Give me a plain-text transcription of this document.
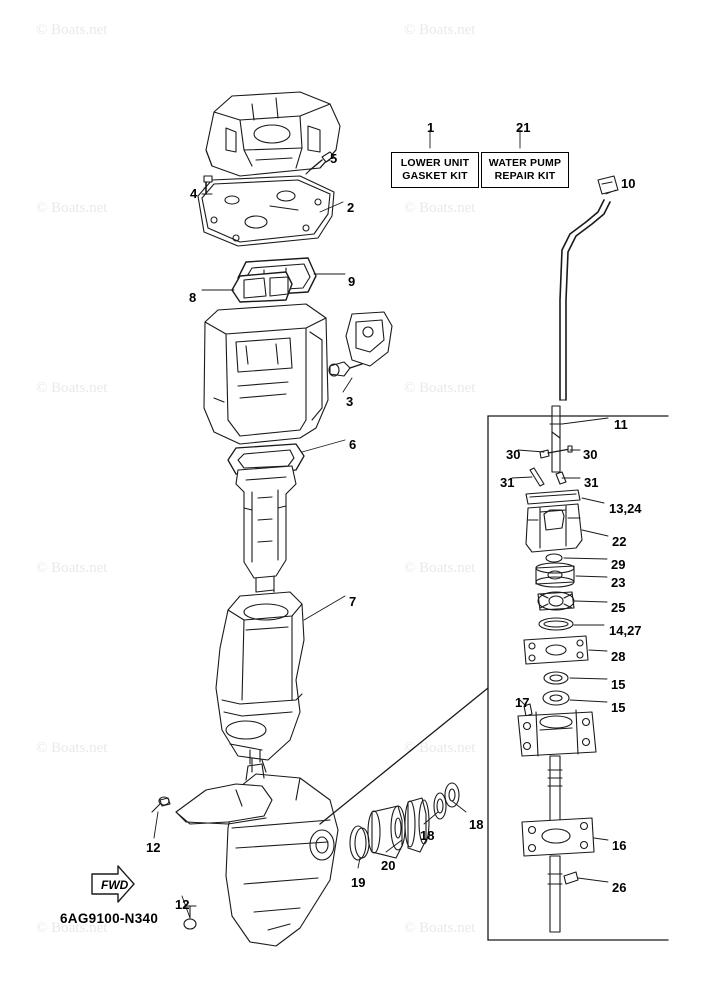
© Boats.net	© Boats.net
© Boats.net	© Boats.net
© Boats.net	© Boats.net
© Boats.net	© Boats.net
© Boats.net	© Boats.net
© Boats.net	© Boats.net
LOWER UNIT
GASKET KIT
WATER PUMP
REPAIR KIT
1	21
10
5
4
2
9
8
3
6
11
30	30
31	31
13,24
22
29
23
25
14,27
28
7
15
15
17
18
18
20
19
16
26
12
12
FWD
6AG9100-N340
